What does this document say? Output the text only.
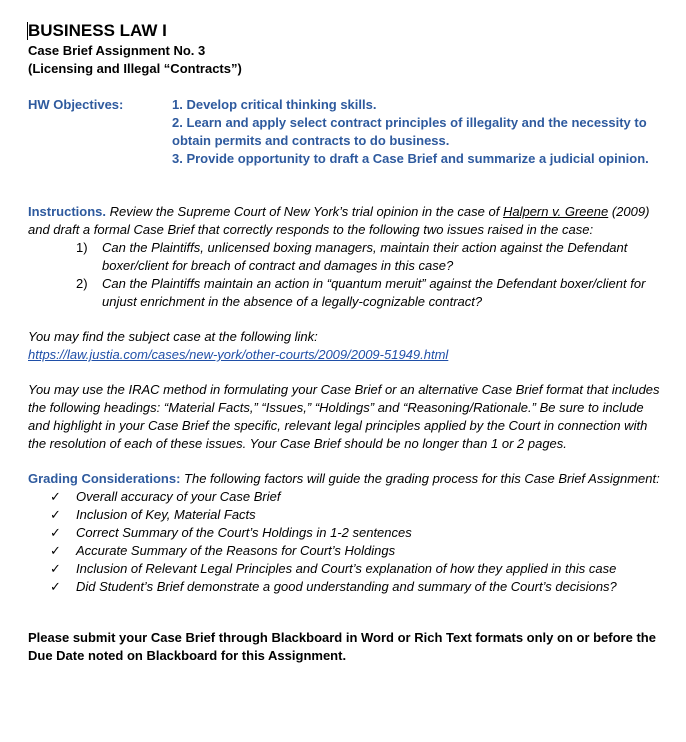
BUSINESS LAW I
Case Brief Assignment No. 3
(Licensing and Illegal “Contracts”)
HW Objectives:	1. Develop critical thinking skills.
2. Learn and apply select contract principles of illegality and the necessity to
obtain permits and contracts to do business.
3. Provide opportunity to draft a Case Brief and summarize a judicial opinion.
Instructions. Review the Supreme Court of New York’s trial opinion in the case of Halpern v. Greene (2009) and draft a formal Case Brief that correctly responds to the following two issues raised in the case:
1)	Can the Plaintiffs, unlicensed boxing managers, maintain their action against the Defendant boxer/client for breach of contract and damages in this case?
2)	Can the Plaintiffs maintain an action in “quantum meruit” against the Defendant boxer/client for unjust enrichment in the absence of a legally-cognizable contract?
You may find the subject case at the following link:
https://law.justia.com/cases/new-york/other-courts/2009/2009-51949.html
You may use the IRAC method in formulating your Case Brief or an alternative Case Brief format that includes the following headings: “Material Facts,” “Issues,” “Holdings” and “Reasoning/Rationale.” Be sure to include and highlight in your Case Brief the specific, relevant legal principles applied by the Court in connection with the resolution of each of these issues. Your Case Brief should be no longer than 1 or 2 pages.
Grading Considerations: The following factors will guide the grading process for this Case Brief Assignment:
✓	Overall accuracy of your Case Brief
✓	Inclusion of Key, Material Facts
✓	Correct Summary of the Court’s Holdings in 1-2 sentences
✓	Accurate Summary of the Reasons for Court’s Holdings
✓	Inclusion of Relevant Legal Principles and Court’s explanation of how they applied in this case
✓	Did Student’s Brief demonstrate a good understanding and summary of the Court’s decisions?
Please submit your Case Brief through Blackboard in Word or Rich Text formats only on or before the Due Date noted on Blackboard for this Assignment.
